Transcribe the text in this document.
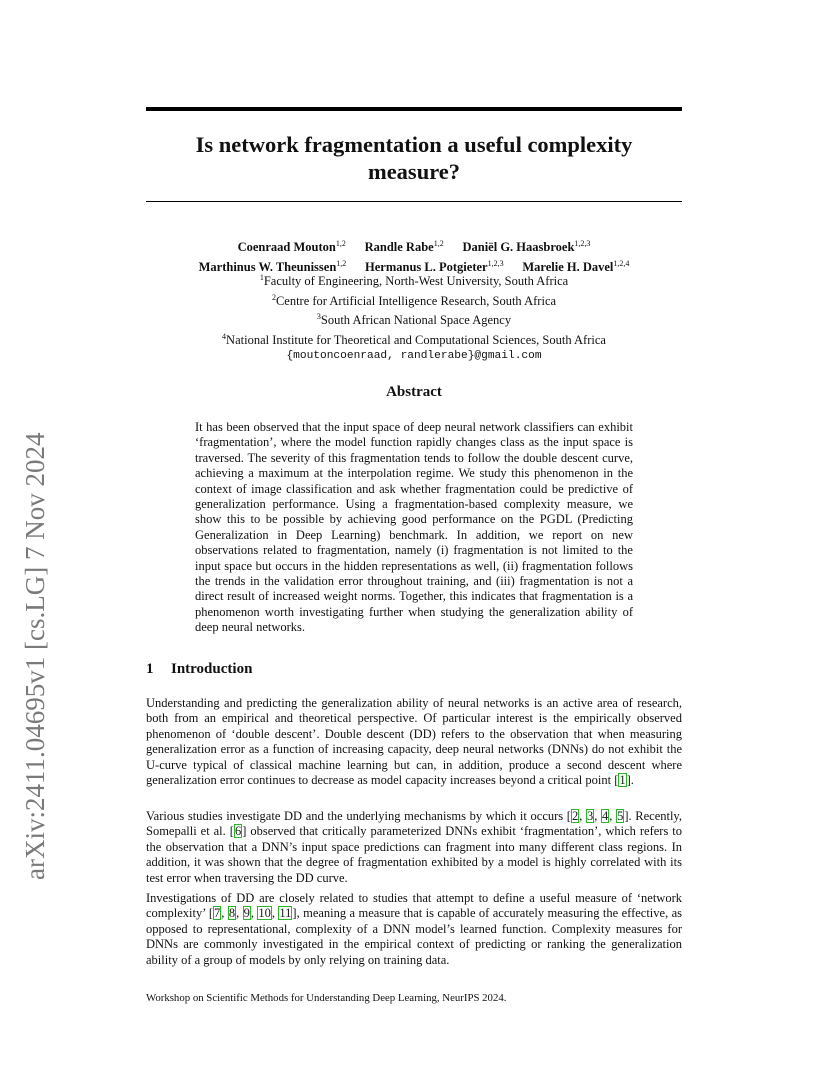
arXiv:2411.04695v1 [cs.LG] 7 Nov 2024
Is network fragmentation a useful complexity
measure?
Coenraad Mouton$^{1,2}$ Randle Rabe$^{1,2}$ Daniël G. Haasbroek$^{1,2,3}$
Marthinus W. Theunissen$^{1,2}$ Hermanus L. Potgieter$^{1,2,3}$ Marelie H. Davel$^{1,2,4}$
$^1$Faculty of Engineering, North-West University, South Africa
$^2$Centre for Artificial Intelligence Research, South Africa
$^3$South African National Space Agency
$^4$National Institute for Theoretical and Computational Sciences, South Africa
{moutoncoenraad, randlerabe}@gmail.com
Abstract
It has been observed that the input space of deep neural network classifiers can exhibit ‘fragmentation’, where the model function rapidly changes class as the input space is traversed. The severity of this fragmentation tends to follow the double descent curve, achieving a maximum at the interpolation regime. We study this phenomenon in the context of image classification and ask whether fragmentation could be predictive of generalization performance. Using a fragmentation-based complexity measure, we show this to be possible by achieving good performance on the PGDL (Predicting Generalization in Deep Learning) benchmark. In addition, we report on new observations related to fragmentation, namely (i) fragmentation is not limited to the input space but occurs in the hidden representations as well, (ii) fragmentation follows the trends in the validation error throughout training, and (iii) fragmentation is not a direct result of increased weight norms. Together, this indicates that fragmentation is a phenomenon worth investigating further when studying the generalization ability of deep neural networks.
1 Introduction
Understanding and predicting the generalization ability of neural networks is an active area of research, both from an empirical and theoretical perspective. Of particular interest is the empirically observed phenomenon of ‘double descent’. Double descent (DD) refers to the observation that when measuring generalization error as a function of increasing capacity, deep neural networks (DNNs) do not exhibit the U-curve typical of classical machine learning but can, in addition, produce a second descent where generalization error continues to decrease as model capacity increases beyond a critical point [1].
Various studies investigate DD and the underlying mechanisms by which it occurs [2, 3, 4, 5]. Recently, Somepalli et al. [6] observed that critically parameterized DNNs exhibit ‘fragmentation’, which refers to the observation that a DNN’s input space predictions can fragment into many different class regions. In addition, it was shown that the degree of fragmentation exhibited by a model is highly correlated with its test error when traversing the DD curve.
Investigations of DD are closely related to studies that attempt to define a useful measure of ‘network complexity’ [7, 8, 9, 10, 11], meaning a measure that is capable of accurately measuring the effective, as opposed to representational, complexity of a DNN model’s learned function. Complexity measures for DNNs are commonly investigated in the empirical context of predicting or ranking the generalization ability of a group of models by only relying on training data.
Workshop on Scientific Methods for Understanding Deep Learning, NeurIPS 2024.
